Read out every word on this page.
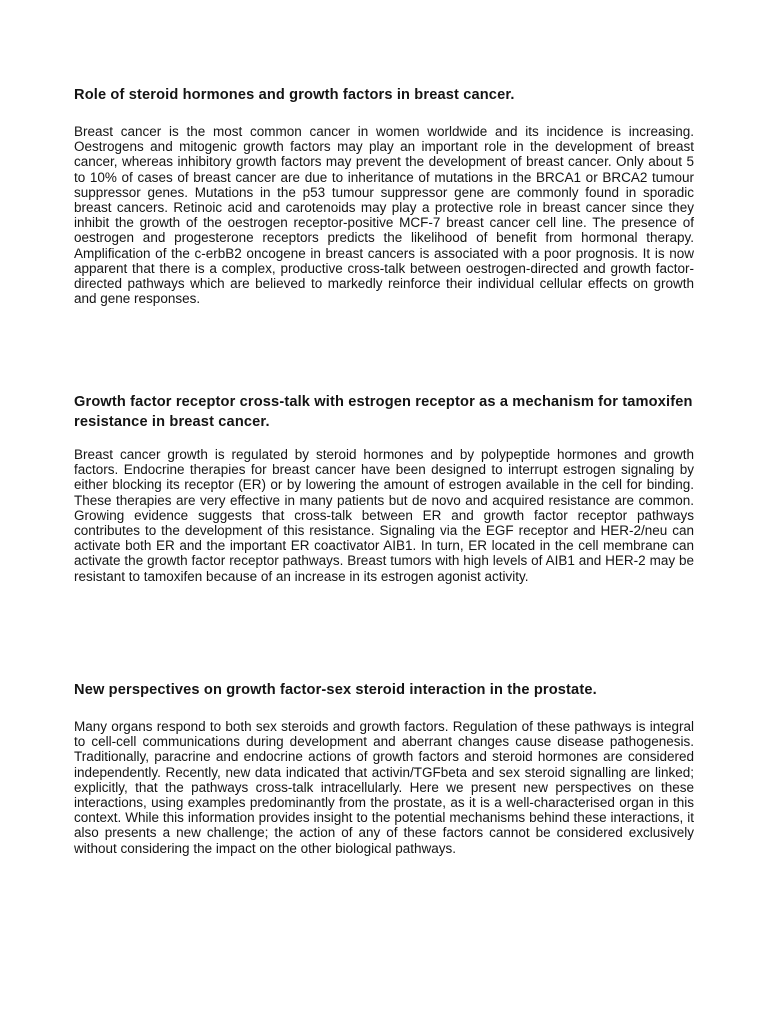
Role of steroid hormones and growth factors in breast cancer.

Breast cancer is the most common cancer in women worldwide and its incidence is increasing. Oestrogens and mitogenic growth factors may play an important role in the development of breast cancer, whereas inhibitory growth factors may prevent the development of breast cancer. Only about 5 to 10% of cases of breast cancer are due to inheritance of mutations in the BRCA1 or BRCA2 tumour suppressor genes. Mutations in the p53 tumour suppressor gene are commonly found in sporadic breast cancers. Retinoic acid and carotenoids may play a protective role in breast cancer since they inhibit the growth of the oestrogen receptor-positive MCF-7 breast cancer cell line. The presence of oestrogen and progesterone receptors predicts the likelihood of benefit from hormonal therapy. Amplification of the c-erbB2 oncogene in breast cancers is associated with a poor prognosis. It is now apparent that there is a complex, productive cross-talk between oestrogen-directed and growth factor-directed pathways which are believed to markedly reinforce their individual cellular effects on growth and gene responses.

Growth factor receptor cross-talk with estrogen receptor as a mechanism for tamoxifen resistance in breast cancer.

Breast cancer growth is regulated by steroid hormones and by polypeptide hormones and growth factors. Endocrine therapies for breast cancer have been designed to interrupt estrogen signaling by either blocking its receptor (ER) or by lowering the amount of estrogen available in the cell for binding. These therapies are very effective in many patients but de novo and acquired resistance are common. Growing evidence suggests that cross-talk between ER and growth factor receptor pathways contributes to the development of this resistance. Signaling via the EGF receptor and HER-2/neu can activate both ER and the important ER coactivator AIB1. In turn, ER located in the cell membrane can activate the growth factor receptor pathways. Breast tumors with high levels of AIB1 and HER-2 may be resistant to tamoxifen because of an increase in its estrogen agonist activity.

New perspectives on growth factor-sex steroid interaction in the prostate.

Many organs respond to both sex steroids and growth factors. Regulation of these pathways is integral to cell-cell communications during development and aberrant changes cause disease pathogenesis. Traditionally, paracrine and endocrine actions of growth factors and steroid hormones are considered independently. Recently, new data indicated that activin/TGFbeta and sex steroid signalling are linked; explicitly, that the pathways cross-talk intracellularly. Here we present new perspectives on these interactions, using examples predominantly from the prostate, as it is a well-characterised organ in this context. While this information provides insight to the potential mechanisms behind these interactions, it also presents a new challenge; the action of any of these factors cannot be considered exclusively without considering the impact on the other biological pathways.
